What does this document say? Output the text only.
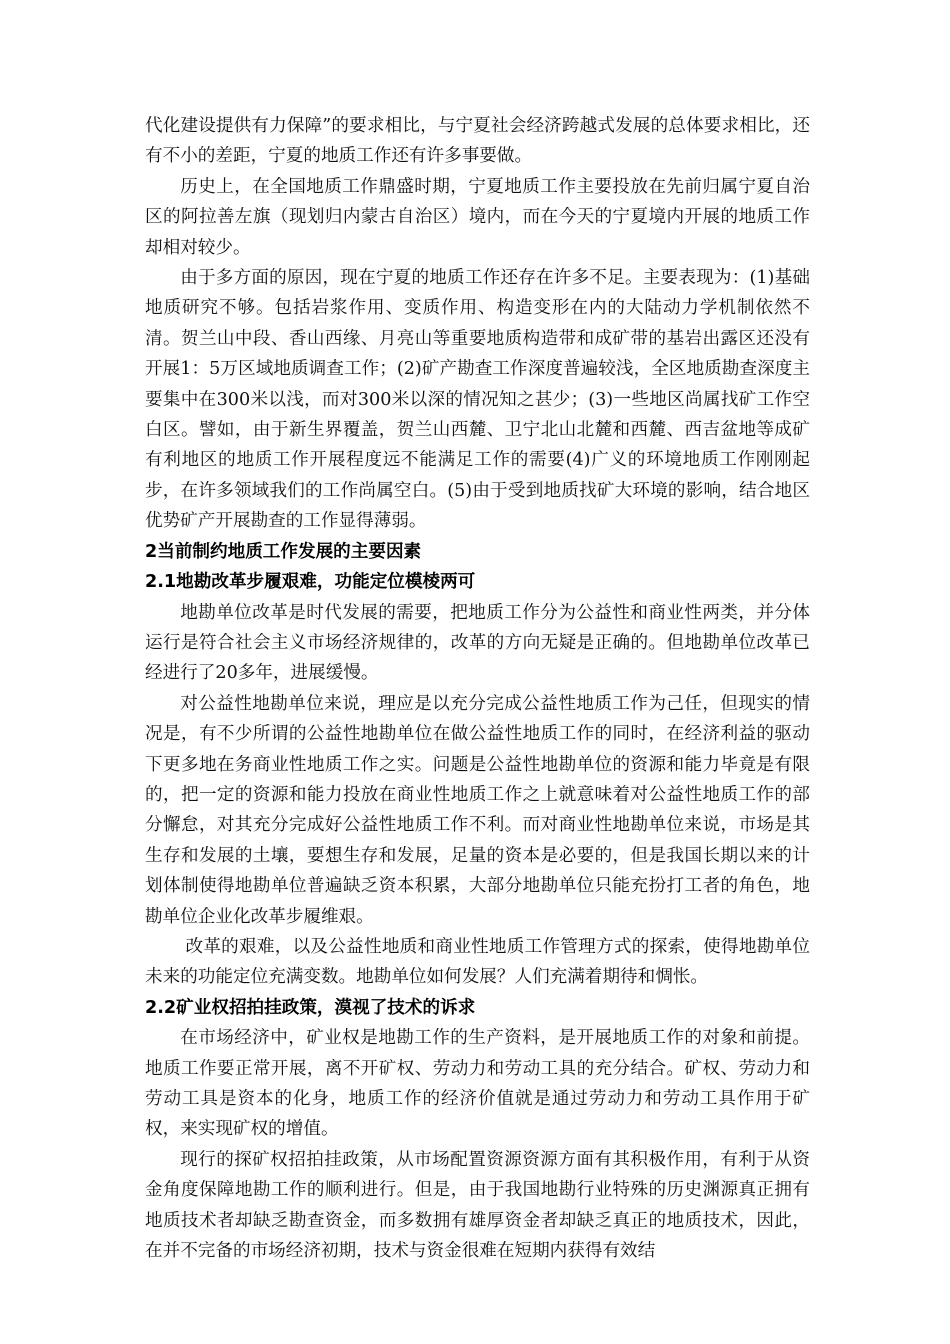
代化建设提供有力保障”的要求相比，与宁夏社会经济跨越式发展的总体要求相比，还有不小的差距，宁夏的地质工作还有许多事要做。

历史上，在全国地质工作鼎盛时期，宁夏地质工作主要投放在先前归属宁夏自治区的阿拉善左旗（现划归内蒙古自治区）境内，而在今天的宁夏境内开展的地质工作却相对较少。

由于多方面的原因，现在宁夏的地质工作还存在许多不足。主要表现为：(1)基础地质研究不够。包括岩浆作用、变质作用、构造变形在内的大陆动力学机制依然不清。贺兰山中段、香山西缘、月亮山等重要地质构造带和成矿带的基岩出露区还没有开展1：5万区域地质调查工作；(2)矿产勘查工作深度普遍较浅，全区地质勘查深度主要集中在300米以浅，而对300米以深的情况知之甚少；(3)一些地区尚属找矿工作空白区。譬如，由于新生界覆盖，贺兰山西麓、卫宁北山北麓和西麓、西吉盆地等成矿有利地区的地质工作开展程度远不能满足工作的需要(4)广义的环境地质工作刚刚起步，在许多领域我们的工作尚属空白。(5)由于受到地质找矿大环境的影响，结合地区优势矿产开展勘查的工作显得薄弱。

2当前制约地质工作发展的主要因素
2.1地勘改革步履艰难，功能定位模棱两可

地勘单位改革是时代发展的需要，把地质工作分为公益性和商业性两类，并分体运行是符合社会主义市场经济规律的，改革的方向无疑是正确的。但地勘单位改革已经进行了20多年，进展缓慢。

对公益性地勘单位来说，理应是以充分完成公益性地质工作为己任，但现实的情况是，有不少所谓的公益性地勘单位在做公益性地质工作的同时，在经济利益的驱动下更多地在务商业性地质工作之实。问题是公益性地勘单位的资源和能力毕竟是有限的，把一定的资源和能力投放在商业性地质工作之上就意味着对公益性地质工作的部分懈怠，对其充分完成好公益性地质工作不利。而对商业性地勘单位来说，市场是其生存和发展的土壤，要想生存和发展，足量的资本是必要的，但是我国长期以来的计划体制使得地勘单位普遍缺乏资本积累，大部分地勘单位只能充扮打工者的角色，地勘单位企业化改革步履维艰。

改革的艰难，以及公益性地质和商业性地质工作管理方式的探索，使得地勘单位未来的功能定位充满变数。地勘单位如何发展？人们充满着期待和惆怅。

2.2矿业权招拍挂政策，漠视了技术的诉求

在市场经济中，矿业权是地勘工作的生产资料，是开展地质工作的对象和前提。地质工作要正常开展，离不开矿权、劳动力和劳动工具的充分结合。矿权、劳动力和劳动工具是资本的化身，地质工作的经济价值就是通过劳动力和劳动工具作用于矿权，来实现矿权的增值。

现行的探矿权招拍挂政策，从市场配置资源资源方面有其积极作用，有利于从资金角度保障地勘工作的顺利进行。但是，由于我国地勘行业特殊的历史渊源真正拥有地质技术者却缺乏勘查资金，而多数拥有雄厚资金者却缺乏真正的地质技术，因此，在并不完备的市场经济初期，技术与资金很难在短期内获得有效结
